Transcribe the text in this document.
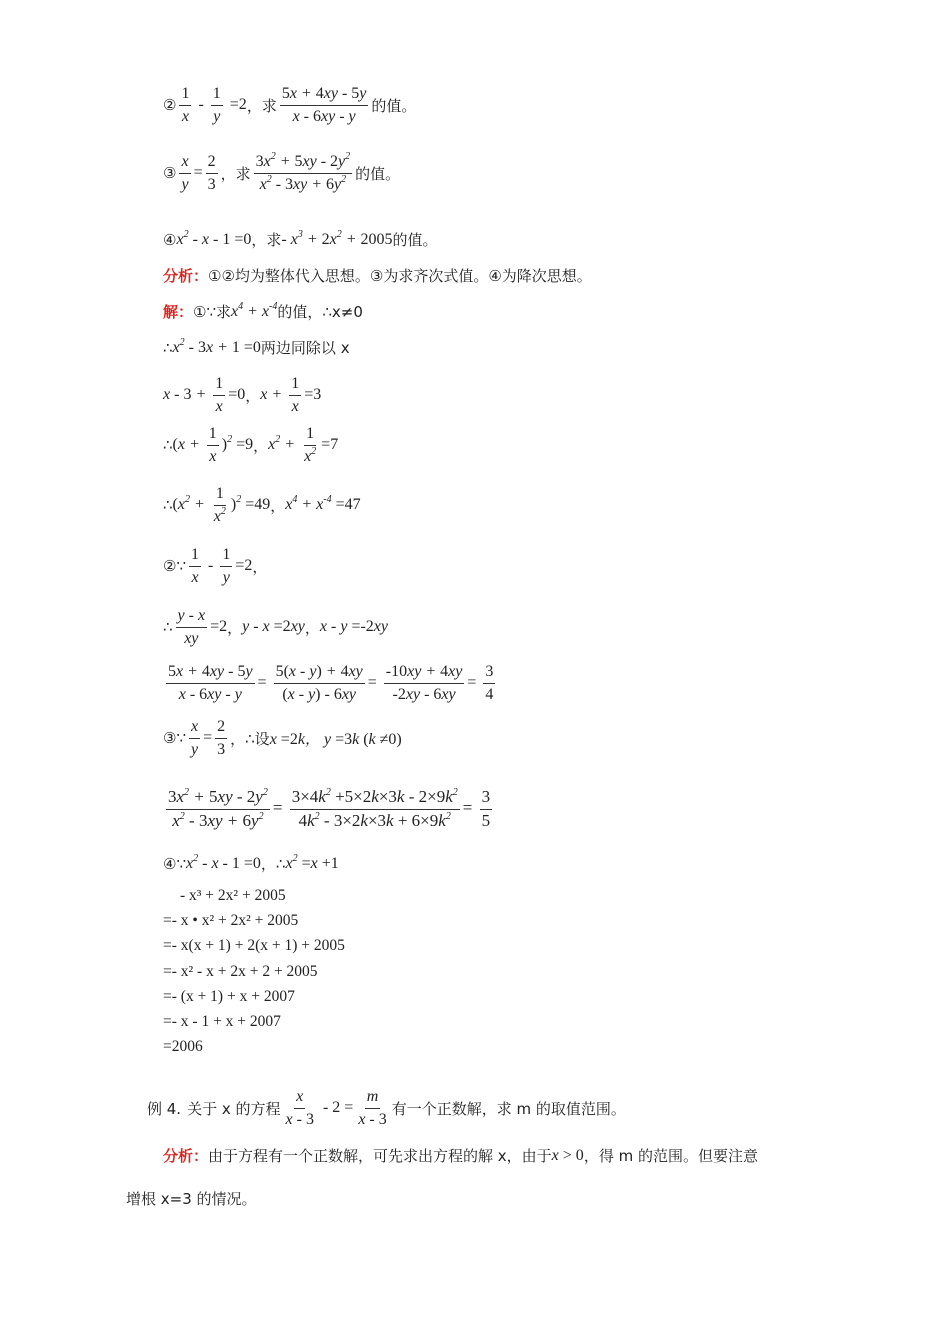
② $\frac{1}{x} - \frac{1}{y} =2$ ，求 $\frac{5x + 4xy - 5y}{x - 6xy - y}$ 的值。
③ $\frac{x}{y} = \frac{2}{3}$ ，求 $\frac{3x^2 + 5xy - 2y^2}{x^2 - 3xy + 6y^2}$ 的值。
④ $x^2 - x - 1 =0$ ，求 - $x^3 + 2x^2 + 2005$ 的值。
分析： ①②均为整体代入思想。③为求齐次式值。④为降次思想。
解： ①∵求 $x^4 + x^{-4}$ 的值，∴x≠0
∴ $x^2 - 3x + 1 =0$ 两边同除以 x
$x - 3 + \frac{1}{x} =0$ ， $x + \frac{1}{x} =3$
∴ $(x + \frac{1}{x} )^2 =9$ ， $x^2 + \frac{1}{x^2} =7$
∴ $(x^2 + \frac{1}{x^2} )^2 =49$ ， $x^4 + x^{-4} =47$
② ∵ $\frac{1}{x} - \frac{1}{y} =2$ ，
∴ $\frac{y - x}{xy} =2$ ， y - x =2xy ， x - y =-2xy
$\frac{5x + 4xy - 5y}{x - 6xy - y} = \frac{5(x - y) + 4xy}{(x - y) - 6xy} = \frac{-10xy + 4xy}{-2xy - 6xy} = \frac{3}{4}$
③ ∵ $\frac{x}{y} = \frac{2}{3}$ ，∴设 x =2k， y =3k (k ≠0)
$\frac{3x^2 + 5xy - 2y^2}{x^2 - 3xy + 6y^2} = \frac{3\times 4k^2 +5\times 2k\times 3k - 2\times 9k^2}{4k^2 - 3\times 2k\times 3k + 6\times 9k^2} = \frac{3}{5}$
④ ∵ $x^2 - x - 1 =0$ ， ∴ $x^2 =x +1$
- x³ + 2x² + 2005
=- x • x² + 2x² + 2005
=- x(x + 1) + 2(x + 1) + 2005
=- x² - x + 2x + 2 + 2005
=- (x + 1) + x + 2007
=- x - 1 + x + 2007
=2006
例 4. 关于 x 的方程 $\frac{x}{x - 3} - 2 = \frac{m}{x - 3}$ 有一个正数解，求 m 的取值范围。
分析： 由于方程有一个正数解，可先求出方程的解 x，由于 x > 0 ，得 m 的范围。但要注意
增根 x=3 的情况。
